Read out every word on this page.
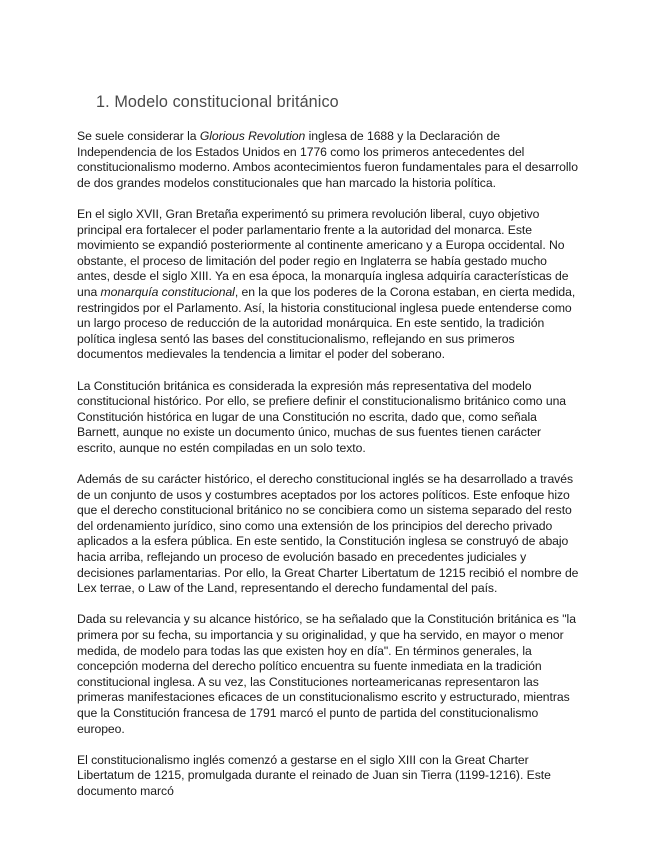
1. Modelo constitucional británico

Se suele considerar la Glorious Revolution inglesa de 1688 y la Declaración de Independencia de los Estados Unidos en 1776 como los primeros antecedentes del constitucionalismo moderno. Ambos acontecimientos fueron fundamentales para el desarrollo de dos grandes modelos constitucionales que han marcado la historia política.

En el siglo XVII, Gran Bretaña experimentó su primera revolución liberal, cuyo objetivo principal era fortalecer el poder parlamentario frente a la autoridad del monarca. Este movimiento se expandió posteriormente al continente americano y a Europa occidental. No obstante, el proceso de limitación del poder regio en Inglaterra se había gestado mucho antes, desde el siglo XIII. Ya en esa época, la monarquía inglesa adquiría características de una monarquía constitucional, en la que los poderes de la Corona estaban, en cierta medida, restringidos por el Parlamento. Así, la historia constitucional inglesa puede entenderse como un largo proceso de reducción de la autoridad monárquica. En este sentido, la tradición política inglesa sentó las bases del constitucionalismo, reflejando en sus primeros documentos medievales la tendencia a limitar el poder del soberano.

La Constitución británica es considerada la expresión más representativa del modelo constitucional histórico. Por ello, se prefiere definir el constitucionalismo británico como una Constitución histórica en lugar de una Constitución no escrita, dado que, como señala Barnett, aunque no existe un documento único, muchas de sus fuentes tienen carácter escrito, aunque no estén compiladas en un solo texto.

Además de su carácter histórico, el derecho constitucional inglés se ha desarrollado a través de un conjunto de usos y costumbres aceptados por los actores políticos. Este enfoque hizo que el derecho constitucional británico no se concibiera como un sistema separado del resto del ordenamiento jurídico, sino como una extensión de los principios del derecho privado aplicados a la esfera pública. En este sentido, la Constitución inglesa se construyó de abajo hacia arriba, reflejando un proceso de evolución basado en precedentes judiciales y decisiones parlamentarias. Por ello, la Great Charter Libertatum de 1215 recibió el nombre de Lex terrae, o Law of the Land, representando el derecho fundamental del país.

Dada su relevancia y su alcance histórico, se ha señalado que la Constitución británica es "la primera por su fecha, su importancia y su originalidad, y que ha servido, en mayor o menor medida, de modelo para todas las que existen hoy en día". En términos generales, la concepción moderna del derecho político encuentra su fuente inmediata en la tradición constitucional inglesa. A su vez, las Constituciones norteamericanas representaron las primeras manifestaciones eficaces de un constitucionalismo escrito y estructurado, mientras que la Constitución francesa de 1791 marcó el punto de partida del constitucionalismo europeo.

El constitucionalismo inglés comenzó a gestarse en el siglo XIII con la Great Charter Libertatum de 1215, promulgada durante el reinado de Juan sin Tierra (1199-1216). Este documento marcó
